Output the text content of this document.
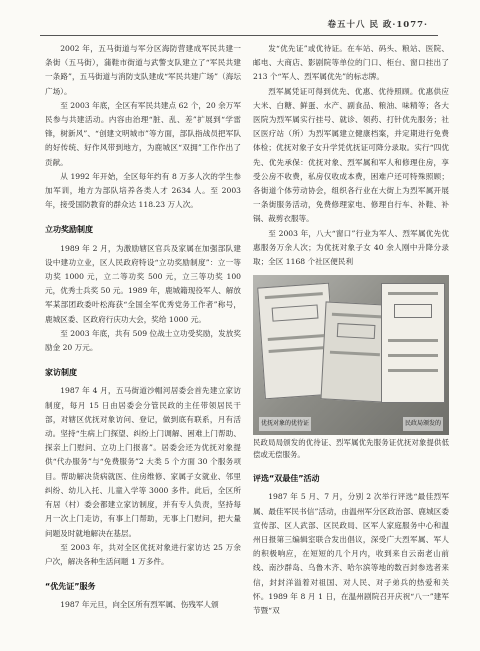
卷五十八 民 政·1077·

2002 年，五马街道与军分区海防营建成军民共建一条街（五马街），蒲鞋市街道与武警支队建立了“军民共建一条路”，五马街道与消防支队建成“军民共建广场”（海坛广场）。

至 2003 年底，全区有军民共建点 62 个，20 余万军民参与共建活动。内容由治理“脏、乱、差”扩展到“学雷锋，树新风”、“创建文明城市”等方面，部队指战员把军队的好传统、好作风带到地方，为鹿城区“双拥”工作作出了贡献。

从 1992 年开始，全区每年约有 8 万多人次的学生参加军训，地方为部队培养各类人才 2634 人。至 2003 年，接受国防教育的群众达 118.23 万人次。

立功奖励制度

1989 年 2 月，为激励辖区官兵及家属在加强部队建设中建功立业，区人民政府特设“立功奖励制度”：立一等功奖 1000 元，立二等功奖 500 元，立三等功奖 100 元，优秀士兵奖 50 元。1989 年，鹿城籍现役军人、解放军某部团政委叶松海获“全国全军优秀党务工作者”称号，鹿城区委、区政府行庆功大会，奖给 1000 元。

至 2003 年底，共有 509 位战士立功受奖励，发放奖励金 20 万元。

家访制度

1987 年 4 月，五马街道沙帽河居委会首先建立家访制度，每月 15 日由居委会分管民政的主任带领居民干部，对辖区优抚对象访问、登记，做到底有联系，月有活动。坚持“生病上门探望、纠纷上门调解、困难上门帮助、探亲上门慰问、立功上门报喜”。居委会还为优抚对象提供“代办服务”与“免费服务”2 大类 5 个方面 30 个服务项目。帮助解决货病就医、住房维修、家属子女就业、邻里纠纷、幼儿入托、儿童入学等 3000 多件。此后，全区所有居（村）委会都建立家访制度，并有专人负责，坚持每月一次上门走访，有事上门帮助，无事上门慰问，把大量问题及时就地解决在基层。

至 2003 年，共对全区优抚对象进行家访达 25 万余户次，解决各种生活问题 1 万多件。

“优先证”服务

1987 年元旦，向全区所有烈军属、伤残军人颁

发“优先证”或优待证。在车站、码头、粮站、医院、邮电、大商店、影剧院等单位的门口、柜台、窗口挂出了 213 个“军人、烈军属优先”的标志牌。

烈军属凭证可得到优先、优惠、优待照顾。优惠供应大米、白糖、鲜蛋、水产、副食品、粮油、味精等；各大医院为烈军属实行挂号、就诊、领药、打针优先服务；社区医疗站（所）为烈军属建立健康档案，并定期进行免费体检；优抚对象子女升学凭优抚证可降分录取。实行“四优先、优先承保：优抚对象、烈军属和军人和修理住房，享受公房不收费，私房仅收成本费，困难户还可特殊照顾；各街道个体劳动协会，组织各行业在大街上为烈军属开展一条街服务活动，免费修理家电、修理自行车、补鞋、补锅、裁剪衣服等。

至 2003 年，八大“窗口”行业为军人、烈军属优先优惠服务万余人次；为优抚对象子女 40 余人刚中升降分录取；全区 1168 个社区便民利

优抚对象的优待证	民政局颁发的

民政局局颁发的优待证、烈军属优先服务证优抚对象提供低偿或无偿服务。

评选“双最佳”活动

1987 年 5 月、7 月，分别 2 次举行评选“最佳烈军属、最佳军民书信”活动，由温州军分区政治部、鹿城区委宣传部、区人武部、区民政局、区军人家庭服务中心和温州日报第三编辑室联合发出倡议，深受广大烈军属、军人的积极响应，在短短的几个月内，收到来自云南老山前线、南沙群岛、乌鲁木齐、哈尔滨等地的数百封参选者来信，封封洋溢着对祖国、对人民、对子弟兵的热爱和关怀。1989 年 8 月 1 日，在温州剧院召开庆祝“八一”建军节暨“双
